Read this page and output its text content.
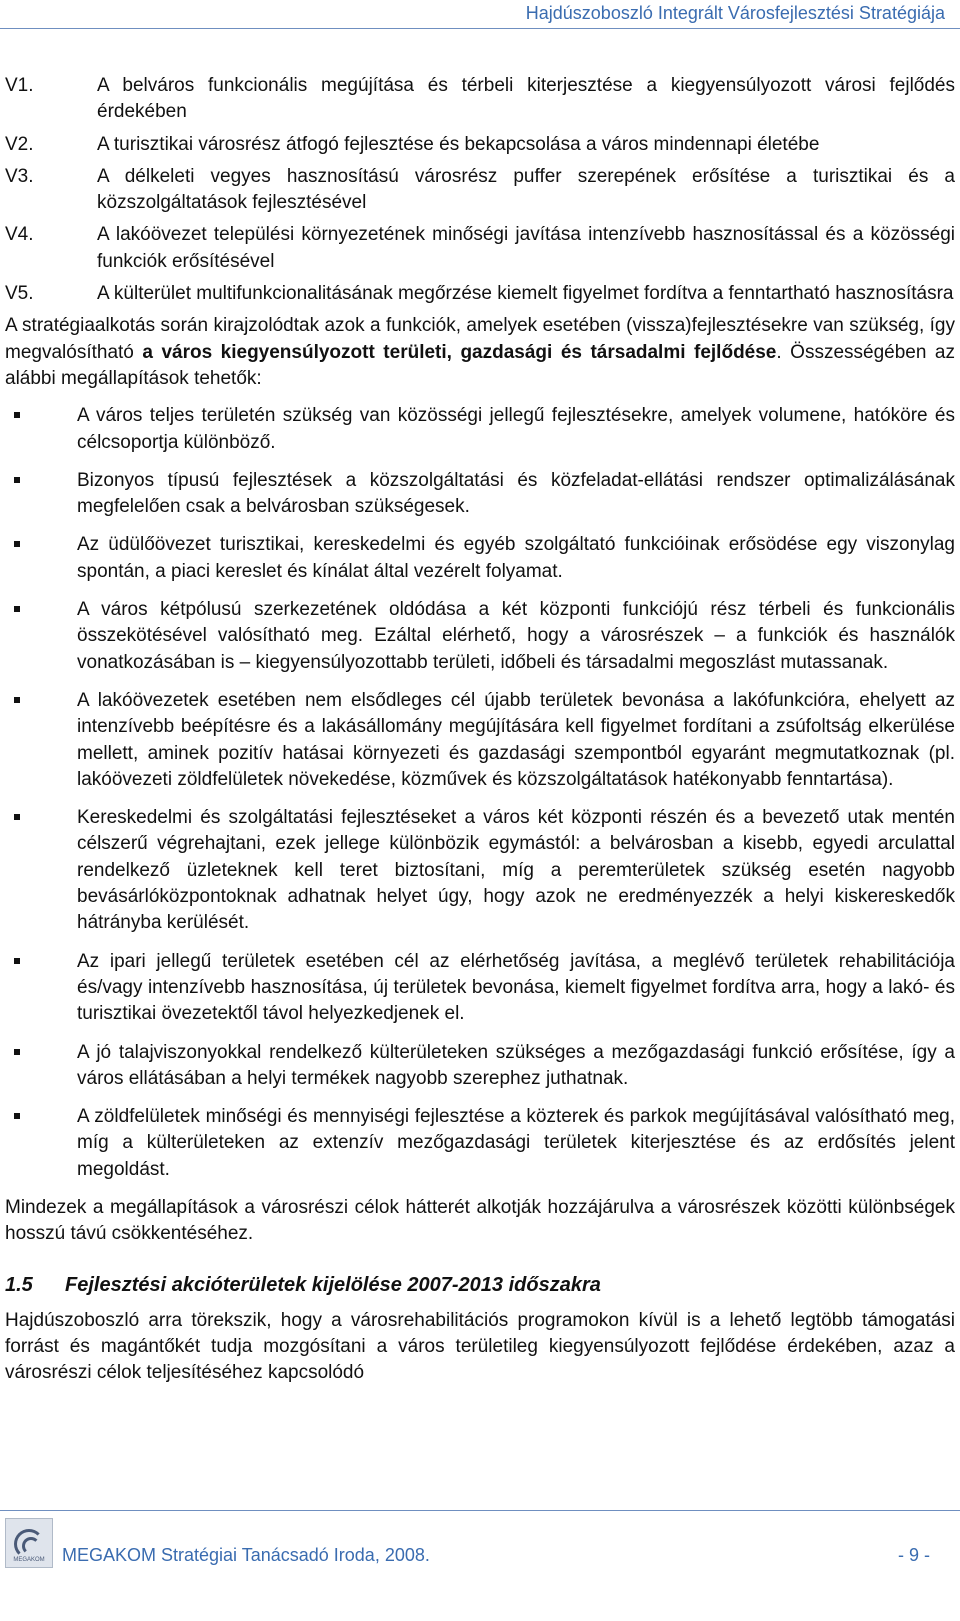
Hajdúszoboszló Integrált Városfejlesztési Stratégiája
V1.	A belváros funkcionális megújítása és térbeli kiterjesztése a kiegyensúlyozott városi fejlődés érdekében
V2.	A turisztikai városrész átfogó fejlesztése és bekapcsolása a város mindennapi életébe
V3.	A délkeleti vegyes hasznosítású városrész puffer szerepének erősítése a turisztikai és a közszolgáltatások fejlesztésével
V4.	A lakóövezet települési környezetének minőségi javítása intenzívebb hasznosítással és a közösségi funkciók erősítésével
V5.	A külterület multifunkcionalitásának megőrzése kiemelt figyelmet fordítva a fenntartható hasznosításra

A stratégiaalkotás során kirajzolódtak azok a funkciók, amelyek esetében (vissza)fejlesztésekre van szükség, így megvalósítható a város kiegyensúlyozott területi, gazdasági és társadalmi fejlődése. Összességében az alábbi megállapítások tehetők:

A város teljes területén szükség van közösségi jellegű fejlesztésekre, amelyek volumene, hatóköre és célcsoportja különböző.
Bizonyos típusú fejlesztések a közszolgáltatási és közfeladat-ellátási rendszer optimalizálásának megfelelően csak a belvárosban szükségesek.
Az üdülőövezet turisztikai, kereskedelmi és egyéb szolgáltató funkcióinak erősödése egy viszonylag spontán, a piaci kereslet és kínálat által vezérelt folyamat.
A város kétpólusú szerkezetének oldódása a két központi funkciójú rész térbeli és funkcionális összekötésével valósítható meg. Ezáltal elérhető, hogy a városrészek – a funkciók és használók vonatkozásában is – kiegyensúlyozottabb területi, időbeli és társadalmi megoszlást mutassanak.
A lakóövezetek esetében nem elsődleges cél újabb területek bevonása a lakófunkcióra, ehelyett az intenzívebb beépítésre és a lakásállomány megújítására kell figyelmet fordítani a zsúfoltság elkerülése mellett, aminek pozitív hatásai környezeti és gazdasági szempontból egyaránt megmutatkoznak (pl. lakóövezeti zöldfelületek növekedése, közművek és közszolgáltatások hatékonyabb fenntartása).
Kereskedelmi és szolgáltatási fejlesztéseket a város két központi részén és a bevezető utak mentén célszerű végrehajtani, ezek jellege különbözik egymástól: a belvárosban a kisebb, egyedi arculattal rendelkező üzleteknek kell teret biztosítani, míg a peremterületek szükség esetén nagyobb bevásárlóközpontoknak adhatnak helyet úgy, hogy azok ne eredményezzék a helyi kiskereskedők hátrányba kerülését.
Az ipari jellegű területek esetében cél az elérhetőség javítása, a meglévő területek rehabilitációja és/vagy intenzívebb hasznosítása, új területek bevonása, kiemelt figyelmet fordítva arra, hogy a lakó- és turisztikai övezetektől távol helyezkedjenek el.
A jó talajviszonyokkal rendelkező külterületeken szükséges a mezőgazdasági funkció erősítése, így a város ellátásában a helyi termékek nagyobb szerephez juthatnak.
A zöldfelületek minőségi és mennyiségi fejlesztése a közterek és parkok megújításával valósítható meg, míg a külterületeken az extenzív mezőgazdasági területek kiterjesztése és az erdősítés jelent megoldást.

Mindezek a megállapítások a városrészi célok hátterét alkotják hozzájárulva a városrészek közötti különbségek hosszú távú csökkentéséhez.

1.5	Fejlesztési akcióterületek kijelölése 2007-2013 időszakra

Hajdúszoboszló arra törekszik, hogy a városrehabilitációs programokon kívül is a lehető legtöbb támogatási forrást és magántőkét tudja mozgósítani a város területileg kiegyensúlyozott fejlődése érdekében, azaz a városrészi célok teljesítéséhez kapcsolódó

MEGAKOM MEGAKOM Stratégiai Tanácsadó Iroda, 2008.	- 9 -
